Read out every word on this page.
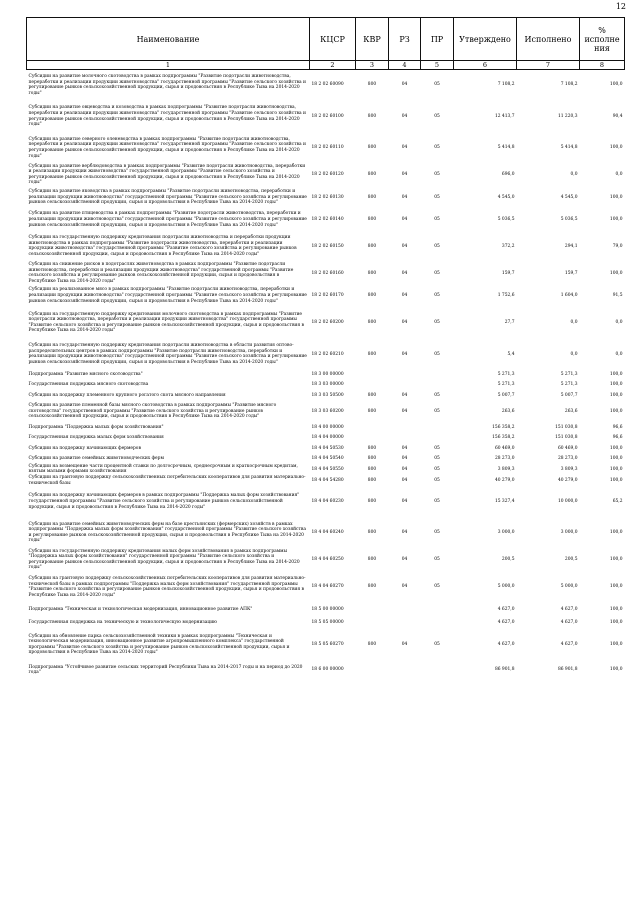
12
Наименование	КЦСР	КВР	РЗ	ПР	Утверждено	Исполнено	% исполне ния
1	2	3	4	5	6	7	8
Субсидии на развитие молочного скотоводства в рамках подпрограммы "Развитие подотрасли животноводства, переработки и реализации продукции животноводства" государственной программы "Развитие сельского хозяйства и регулирование рынков сельскохозяйственной продукции, сырья и продовольствия в Республике Тыва на 2014-2020 годы"	18 2 02 60090	800	04	05	7 108,2	7 108,2	100,0
Субсидии на развитие овцеводства и козоводства в рамках подпрограммы "Развитие подотрасли животноводства, переработки и реализации продукции животноводства" государственной программы "Развитие сельского хозяйства и регулирование рынков сельскохозяйственной продукции, сырья и продовольствия в Республике Тыва на 2014-2020 годы"	18 2 02 60100	800	04	05	12 413,7	11 220,3	90,4
Субсидии на развитие северного оленеводства в рамках подпрограммы "Развитие подотрасли животноводства, переработки и реализации продукции животноводства" государственной программы "Развитие сельского хозяйства и регулирование рынков сельскохозяйственной продукции, сырья и продовольствия в Республике Тыва на 2014-2020 годы"	18 2 02 60110	800	04	05	5 414,8	5 414,8	100,0
Субсидии на развитие верблюдоводства в рамках подпрограммы "Развитие подотрасли животноводства, переработки и реализации продукции животноводства" государственной программы "Развитие сельского хозяйства и регулирование рынков сельскохозяйственной продукции, сырья и продовольствия в Республике Тыва на 2014-2020 годы"	18 2 02 60120	800	04	05	696,0	0,0	0,0
Субсидии на развитие яководства в рамках подпрограммы "Развитие подотрасли животноводства, переработки и реализации продукции животноводства" государственной программы "Развитие сельского хозяйства и регулирование рынков сельскохозяйственной продукции, сырья и продовольствия в Республике Тыва на 2014-2020 годы"	18 2 02 60130	800	04	05	4 545,0	4 545,0	100,0
Субсидии на развитие птицеводства в рамках подпрограммы "Развитие подотрасли животноводства, переработки и реализации продукции животноводства" государственной программы "Развитие сельского хозяйства и регулирование рынков сельскохозяйственной продукции, сырья и продовольствия в Республике Тыва на 2014-2020 годы"	18 2 02 60140	800	04	05	5 036,5	5 036,5	100,0
Субсидии на государственную поддержку кредитования подотрасли животноводства и переработки продукции животноводства в рамках подпрограммы "Развитие подотрасли животноводства, переработки и реализации продукции животноводства" государственной программы "Развитие сельского хозяйства и регулирование рынков сельскохозяйственной продукции, сырья и продовольствия в Республике Тыва на 2014-2020 годы"	18 2 02 60150	800	04	05	372,2	294,1	79,0
Субсидии на снижение рисков в подотраслях животноводства в рамках подпрограммы "Развитие подотрасли животноводства, переработки и реализации продукции животноводства" государственной программы "Развитие сельского хозяйства и регулирование рынков сельскохозяйственной продукции, сырья и продовольствия в Республике Тыва на 2014-2020 годы"	18 2 02 60160	800	04	05	159,7	159,7	100,0
Субсидии на реализованное мясо в рамках подпрограммы "Развитие подотрасли животноводства, переработки и реализации продукции животноводства" государственной программы "Развитие сельского хозяйства и регулирование рынков сельскохозяйственной продукции, сырья и продовольствия в Республике Тыва на 2014-2020 годы"	18 2 02 60170	800	04	05	1 752,6	1 604,0	91,5
Субсидии на государственную поддержку кредитования молочного скотоводства в рамках подпрограммы "Развитие подотрасли животноводства, переработки и реализации продукции животноводства" государственной программы "Развитие сельского хозяйства и регулирование рынков сельскохозяйственной продукции, сырья и продовольствия в Республике Тыва на 2014-2020 годы"	18 2 02 60200	800	04	05	27,7	0,0	0,0
Субсидии на государственную поддержку кредитования подотрасли животноводства в области развития оптово-распределительных центров в рамках подпрограммы "Развитие подотрасли животноводства, переработки и реализации продукции животноводства" государственной программы "Развитие сельского хозяйства и регулирование рынков сельскохозяйственной продукции, сырья и продовольствия в Республике Тыва на 2014-2020 годы"	18 2 02 60210	800	04	05	5,4	0,0	0,0
Подпрограмма "Развитие мясного скотоводства"	18 3 00 00000				5 271,3	5 271,3	100,0
Государственная поддержка мясного скотоводства	18 3 03 00000				5 271,3	5 271,3	100,0
Субсидии на поддержку племенного крупного рогатого скота мясного направления	18 3 03 50500	800	04	05	5 007,7	5 007,7	100,0
Субсидии на развитие племенной базы мясного скотоводства в рамках подпрограммы "Развитие мясного скотоводства" государственной программы "Развитие сельского хозяйства и регулирование рынков сельскохозяйственной продукции, сырья и продовольствия в Республике Тыва на 2014-2020 годы"	18 3 03 60200	800	04	05	263,6	263,6	100,0
Подпрограмма "Поддержка малых форм хозяйствования"	18 4 00 00000				156 358,2	151 030,8	96,6
Государственная поддержка малых форм хозяйствования	18 4 04 00000				156 358,2	151 030,8	96,6
Субсидии на поддержку начинающих фермеров	18 4 04 50530	800	04	05	60 469,0	60 469,0	100,0
Субсидии на развитие семейных животноводческих ферм	18 4 04 50540	800	04	05	28 273,0	28 273,0	100,0
Субсидии на возмещение части процентной ставки по долгосрочным, среднесрочным и краткосрочным кредитам, взятым малыми формами хозяйствования	18 4 04 50550	800	04	05	3 809,3	3 809,3	100,0
Субсидии на грантовую поддержку сельскохозяйственных потребительских кооперативов для развития материально-технической базы	18 4 04 54280	800	04	05	40 279,0	40 279,0	100,0
Субсидии на поддержку начинающих фермеров в рамках подпрограммы "Поддержка малых форм хозяйствования" государственной программы "Развитие сельского хозяйства и регулирование рынков сельскохозяйственной продукции, сырья и продовольствия в Республике Тыва на 2014-2020 годы"	18 4 04 60230	800	04	05	15 327,4	10 000,0	65,2
Субсидии на развитие семейных животноводческих ферм на базе крестьянских (фермерских) хозяйств в рамках подпрограммы "Поддержка малых форм хозяйствования" государственной программы "Развитие сельского хозяйства и регулирование рынков сельскохозяйственной продукции, сырья и продовольствия в Республике Тыва на 2014-2020 годы"	18 4 04 60240	800	04	05	3 000,0	3 000,0	100,0
Субсидии на государственную поддержку кредитования малых форм хозяйствования в рамках подпрограммы "Поддержка малых форм хозяйствования" государственной программы "Развитие сельского хозяйства и регулирование рынков сельскохозяйственной продукции, сырья и продовольствия в Республике Тыва на 2014-2020 годы"	18 4 04 60250	800	04	05	200,5	200,5	100,0
Субсидии на грантовую поддержку сельскохозяйственных потребительских кооперативов для развития материально-технической базы в рамках подпрограммы "Поддержка малых форм хозяйствования" государственной программы "Развитие сельского хозяйства и регулирование рынков сельскохозяйственной продукции, сырья и продовольствия в Республике Тыва на 2014-2020 годы"	18 4 04 60270	800	04	05	5 000,0	5 000,0	100,0
Подпрограмма "Техническая и технологическая модернизация, инновационное развитие АПК"	18 5 00 00000				4 627,0	4 627,0	100,0
Государственная поддержка на техническую и технологическую модернизацию	18 5 05 00000				4 627,0	4 627,0	100,0
Субсидии на обновление парка сельскохозяйственной техники в рамках подпрограммы "Техническая и технологическая модернизация, инновационное развитие агропромышленного комплекса" государственной программы "Развитие сельского хозяйства и регулирование рынков сельскохозяйственной продукции, сырья и продовольствия в Республике Тыва на 2014-2020 годы"	18 5 05 60270	800	04	05	4 627,0	4 627,0	100,0
Подпрограмма "Устойчивое развитие сельских территорий Республики Тыва на 2014-2017 годы и на период до 2020 года"	18 6 00 00000				86 901,8	86 901,8	100,0
